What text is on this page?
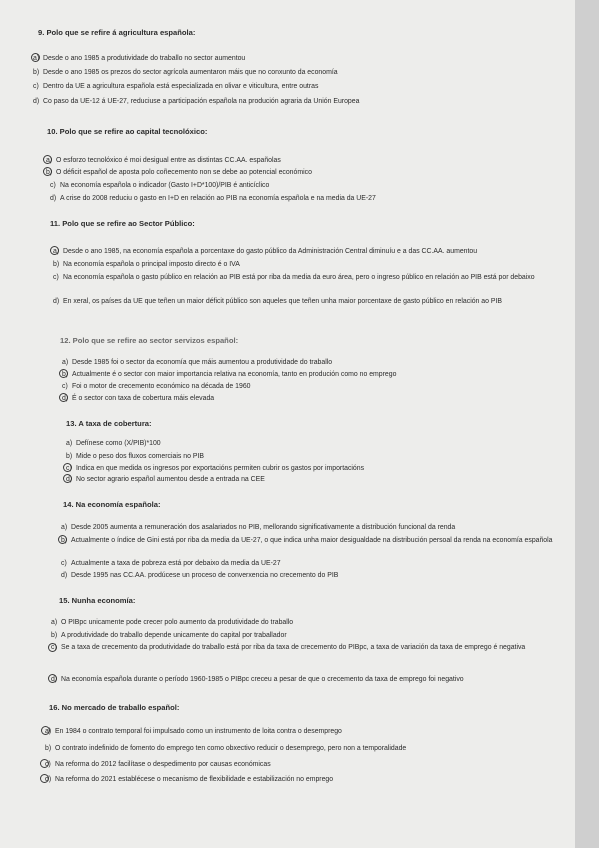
9. Polo que se refire á agricultura española:
a) Desde o ano 1985 a produtividade do traballo no sector aumentou
b) Desde o ano 1985 os prezos do sector agrícola aumentaron máis que no conxunto da economía
c) Dentro da UE a agricultura española está especializada en olivar e viticultura, entre outras
d) Co paso da UE-12 á UE-27, reduciuse a participación española na produción agraria da Unión Europea
10. Polo que se refire ao capital tecnolóxico:
a) O esforzo tecnolóxico é moi desigual entre as distintas CC.AA. españolas
b) O déficit español de aposta polo coñecemento non se debe ao potencial económico
c) Na economía española o indicador (Gasto I+D*100)/PIB é anticíclico
d) A crise do 2008 reduciu o gasto en I+D en relación ao PIB na economía española e na media da UE-27
11. Polo que se refire ao Sector Público:
a) Desde o ano 1985, na economía española a porcentaxe do gasto público da Administración Central diminuíu e a das CC.AA. aumentou
b) Na economía española o principal imposto directo é o IVA
c) Na economía española o gasto público en relación ao PIB está por riba da media da euro área, pero o ingreso público en relación ao PIB está por debaixo
d) En xeral, os países da UE que teñen un maior déficit público son aqueles que teñen unha maior porcentaxe de gasto público en relación ao PIB
12. Polo que se refire ao sector servizos español:
a) Desde 1985 foi o sector da economía que máis aumentou a produtividade do traballo
b) Actualmente é o sector con maior importancia relativa na economía, tanto en produción como no emprego
c) Foi o motor de crecemento económico na década de 1960
d) É o sector con taxa de cobertura máis elevada
13. A taxa de cobertura:
a) Defínese como (X/PIB)*100
b) Mide o peso dos fluxos comerciais no PIB
c) Indica en que medida os ingresos por exportacións permiten cubrir os gastos por importacións
d) No sector agrario español aumentou desde a entrada na CEE
14. Na economía española:
a) Desde 2005 aumenta a remuneración dos asalariados no PIB, mellorando significativamente a distribución funcional da renda
b) Actualmente o índice de Gini está por riba da media da UE-27, o que indica unha maior desigualdade na distribución persoal da renda na economía española
c) Actualmente a taxa de pobreza está por debaixo da media da UE-27
d) Desde 1995 nas CC.AA. prodúcese un proceso de converxencia no crecemento do PIB
15. Nunha economía:
a) O PIBpc unicamente pode crecer polo aumento da produtividade do traballo
b) A produtividade do traballo depende unicamente do capital por traballador
c) Se a taxa de crecemento da produtividade do traballo está por riba da taxa de crecemento do PIBpc, a taxa de variación da taxa de emprego é negativa
d) Na economía española durante o período 1960-1985 o PIBpc creceu a pesar de que o crecemento da taxa de emprego foi negativo
16. No mercado de traballo español:
a) En 1984 o contrato temporal foi impulsado como un instrumento de loita contra o desemprego
b) O contrato indefinido de fomento do emprego ten como obxectivo reducir o desemprego, pero non a temporalidade
c) Na reforma do 2012 facilítase o despedimento por causas económicas
d) Na reforma do 2021 establécese o mecanismo de flexibilidade e estabilización no emprego
